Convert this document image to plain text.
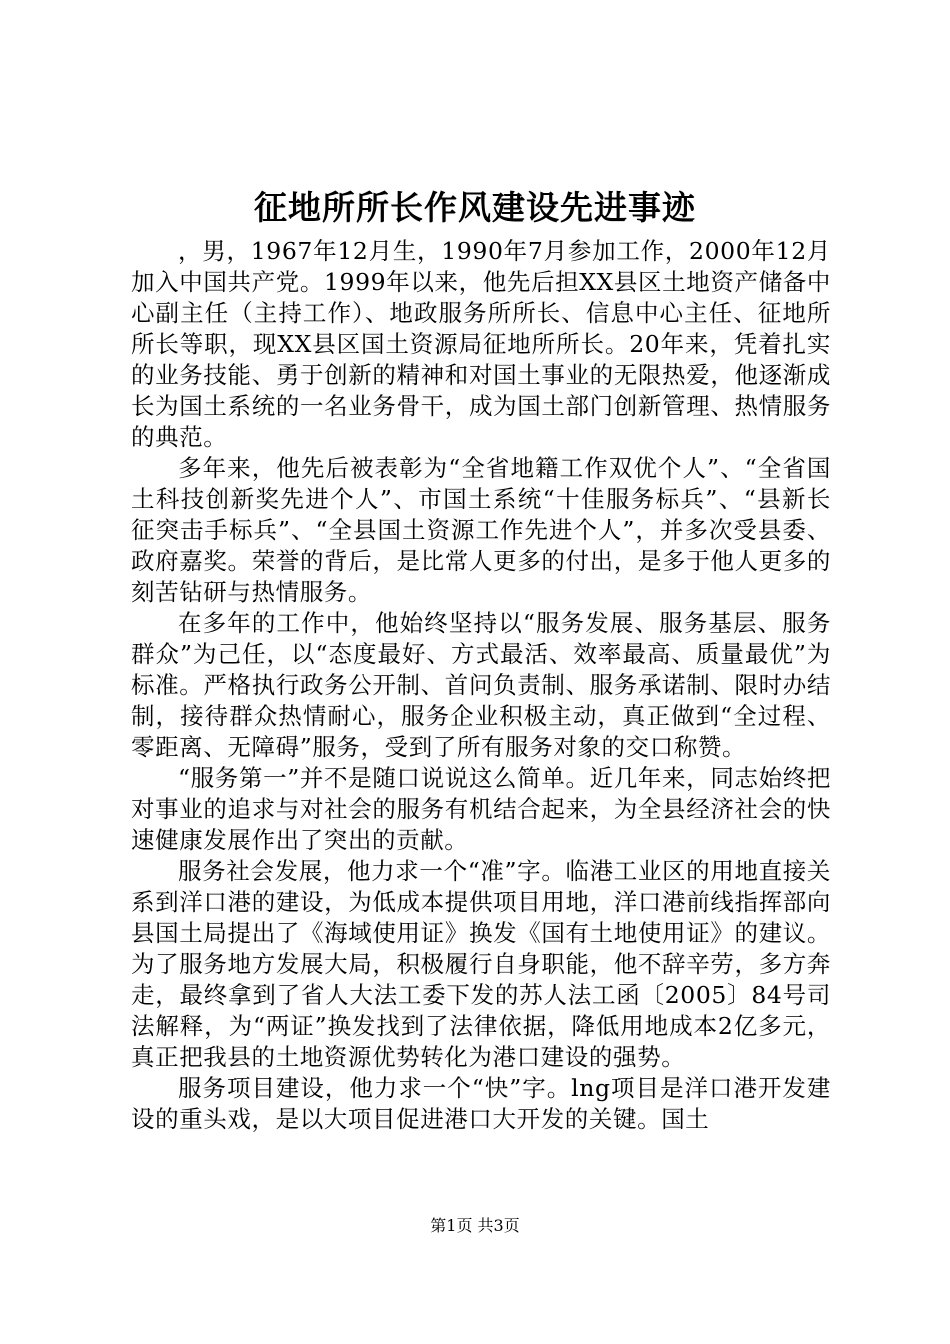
征地所所长作风建设先进事迹

，男，1967年12月生，1990年7月参加工作，2000年12月加入中国共产党。1999年以来，他先后担XX县区土地资产储备中心副主任（主持工作）、地政服务所所长、信息中心主任、征地所所长等职，现XX县区国土资源局征地所所长。20年来，凭着扎实的业务技能、勇于创新的精神和对国土事业的无限热爱，他逐渐成长为国土系统的一名业务骨干，成为国土部门创新管理、热情服务的典范。

多年来，他先后被表彰为“全省地籍工作双优个人”、“全省国土科技创新奖先进个人”、市国土系统“十佳服务标兵”、“县新长征突击手标兵”、“全县国土资源工作先进个人”，并多次受县委、政府嘉奖。荣誉的背后，是比常人更多的付出，是多于他人更多的刻苦钻研与热情服务。

在多年的工作中，他始终坚持以“服务发展、服务基层、服务群众”为己任，以“态度最好、方式最活、效率最高、质量最优”为标准。严格执行政务公开制、首问负责制、服务承诺制、限时办结制，接待群众热情耐心，服务企业积极主动，真正做到“全过程、零距离、无障碍”服务，受到了所有服务对象的交口称赞。

“服务第一”并不是随口说说这么简单。近几年来，同志始终把对事业的追求与对社会的服务有机结合起来，为全县经济社会的快速健康发展作出了突出的贡献。

服务社会发展，他力求一个“准”字。临港工业区的用地直接关系到洋口港的建设，为低成本提供项目用地，洋口港前线指挥部向县国土局提出了《海域使用证》换发《国有土地使用证》的建议。为了服务地方发展大局，积极履行自身职能，他不辞辛劳，多方奔走，最终拿到了省人大法工委下发的苏人法工函〔2005〕84号司法解释，为“两证”换发找到了法律依据，降低用地成本2亿多元，真正把我县的土地资源优势转化为港口建设的强势。

服务项目建设，他力求一个“快”字。lng项目是洋口港开发建设的重头戏，是以大项目促进港口大开发的关键。国土

第1页 共3页
